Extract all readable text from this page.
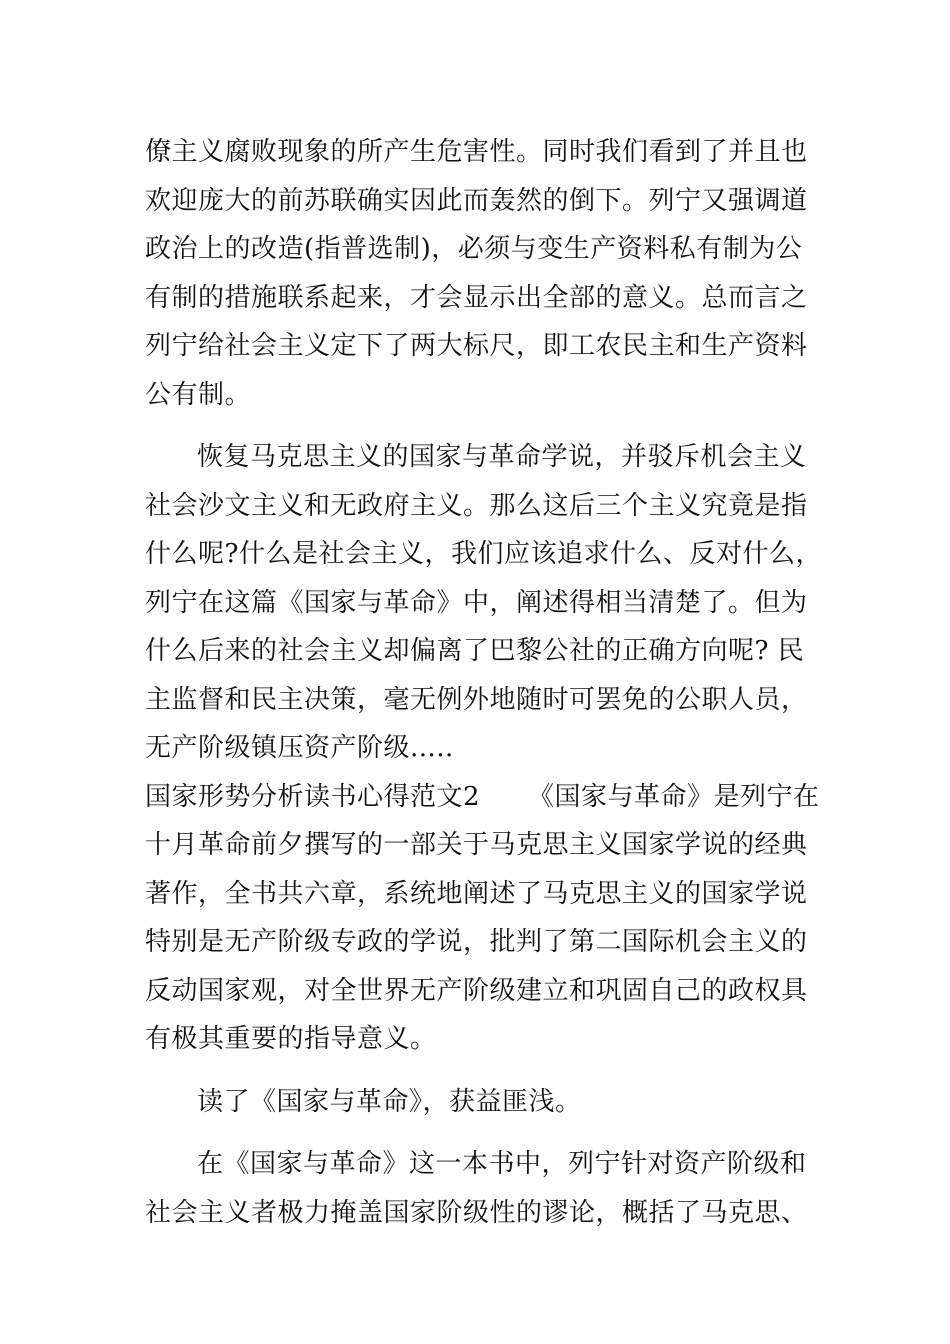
僚主义腐败现象的所产生危害性。同时我们看到了并且也
欢迎庞大的前苏联确实因此而轰然的倒下。列宁又强调道
政治上的改造(指普选制)，必须与变生产资料私有制为公
有制的措施联系起来，才会显示出全部的意义。总而言之
列宁给社会主义定下了两大标尺，即工农民主和生产资料
公有制。
恢复马克思主义的国家与革命学说，并驳斥机会主义
社会沙文主义和无政府主义。那么这后三个主义究竟是指
什么呢?什么是社会主义，我们应该追求什么、反对什么，
列宁在这篇《国家与革命》中，阐述得相当清楚了。但为
什么后来的社会主义却偏离了巴黎公社的正确方向呢? 民
主监督和民主决策，毫无例外地随时可罢免的公职人员，
无产阶级镇压资产阶级.....
国家形势分析读书心得范文2 《国家与革命》是列宁在
十月革命前夕撰写的一部关于马克思主义国家学说的经典
著作，全书共六章，系统地阐述了马克思主义的国家学说
特别是无产阶级专政的学说，批判了第二国际机会主义的
反动国家观，对全世界无产阶级建立和巩固自己的政权具
有极其重要的指导意义。
读了《国家与革命》，获益匪浅。
在《国家与革命》这一本书中，列宁针对资产阶级和
社会主义者极力掩盖国家阶级性的谬论，概括了马克思、
